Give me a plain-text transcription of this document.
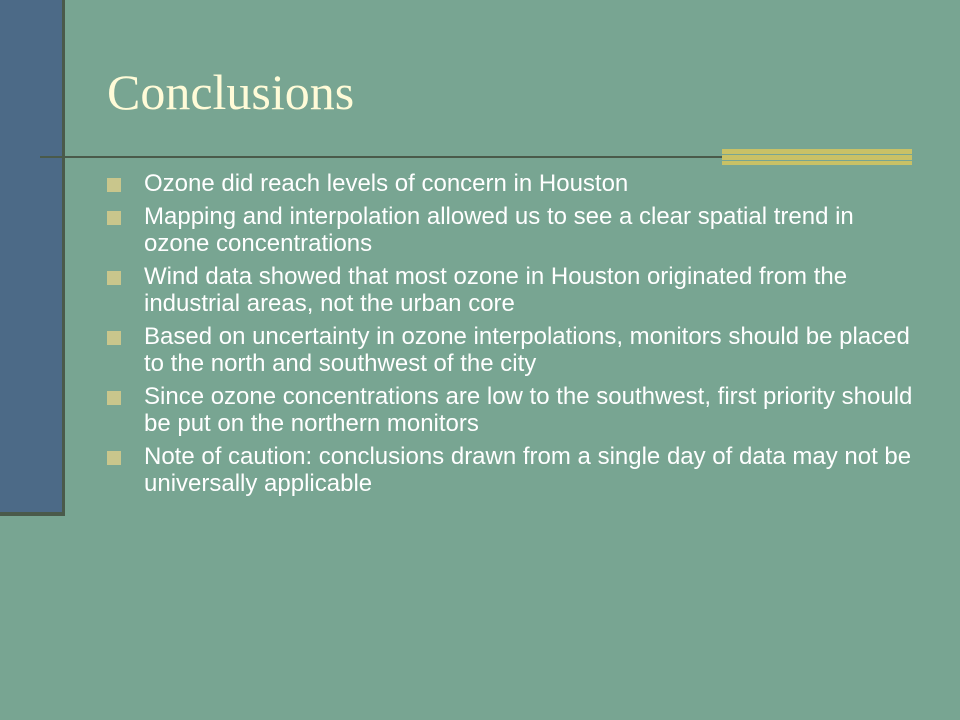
Conclusions
Ozone did reach levels of concern in Houston
Mapping and interpolation allowed us to see a clear spatial trend in ozone concentrations
Wind data showed that most ozone in Houston originated from the industrial areas, not the urban core
Based on uncertainty in ozone interpolations, monitors should be placed to the north and southwest of the city
Since ozone concentrations are low to the southwest, first priority should be put on the northern monitors
Note of caution: conclusions drawn from a single day of data may not be universally applicable
